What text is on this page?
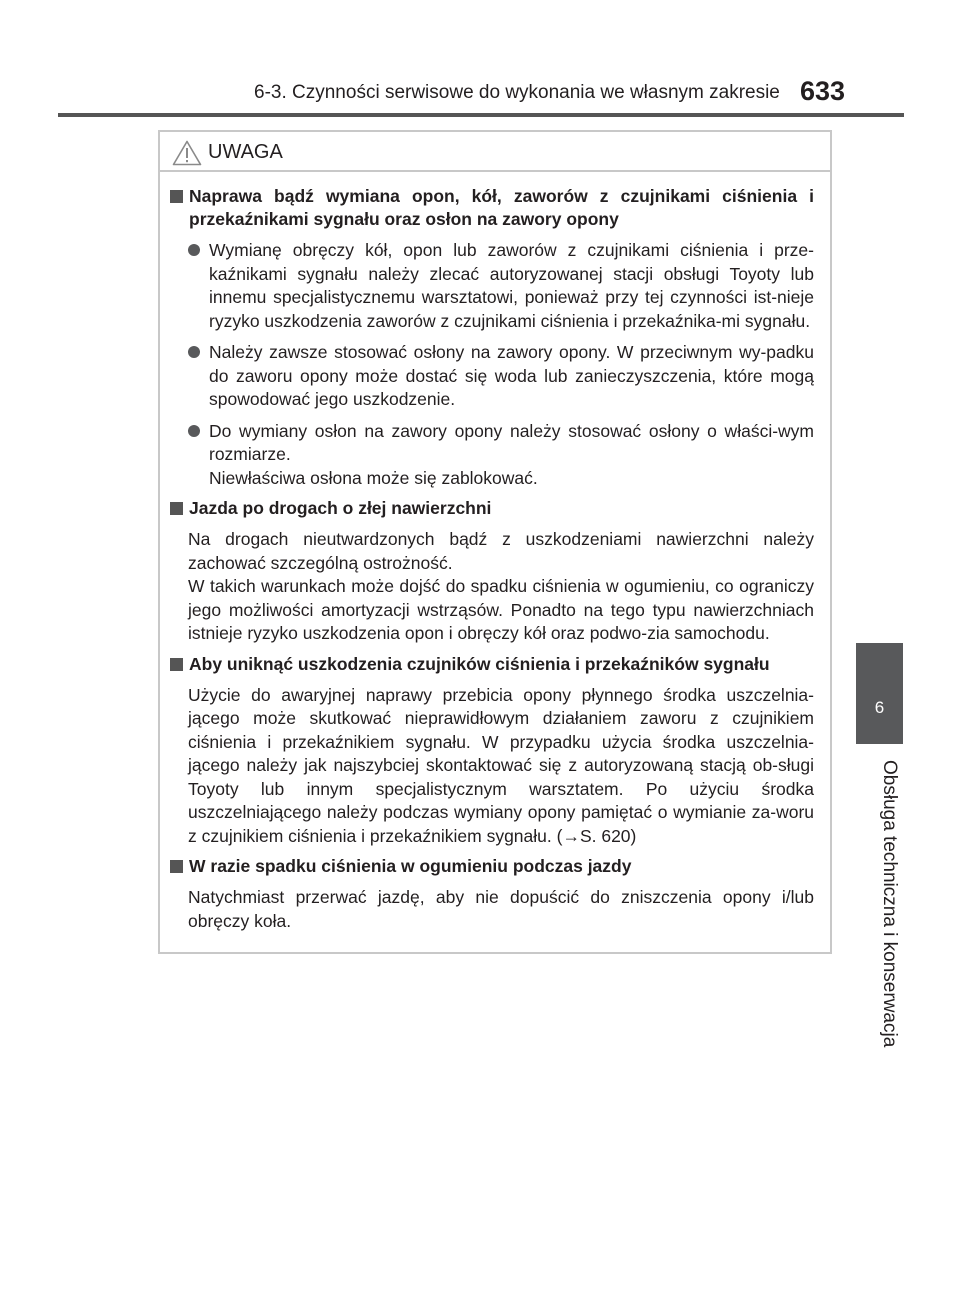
6-3. Czynności serwisowe do wykonania we własnym zakresie 633
6
Obsługa techniczna i konserwacja
UWAGA
Naprawa bądź wymiana opon, kół, zaworów z czujnikami ciśnienia i przekaźnikami sygnału oraz osłon na zawory opony
Wymianę obręczy kół, opon lub zaworów z czujnikami ciśnienia i prze-kaźnikami sygnału należy zlecać autoryzowanej stacji obsługi Toyoty lub innemu specjalistycznemu warsztatowi, ponieważ przy tej czynności ist-nieje ryzyko uszkodzenia zaworów z czujnikami ciśnienia i przekaźnika-mi sygnału.
Należy zawsze stosować osłony na zawory opony. W przeciwnym wy-padku do zaworu opony może dostać się woda lub zanieczyszczenia, które mogą spowodować jego uszkodzenie.
Do wymiany osłon na zawory opony należy stosować osłony o właści-wym rozmiarze.
Niewłaściwa osłona może się zablokować.
Jazda po drogach o złej nawierzchni
Na drogach nieutwardzonych bądź z uszkodzeniami nawierzchni należy zachować szczególną ostrożność.
W takich warunkach może dojść do spadku ciśnienia w ogumieniu, co ograniczy jego możliwości amortyzacji wstrząsów. Ponadto na tego typu nawierzchniach istnieje ryzyko uszkodzenia opon i obręczy kół oraz podwo-zia samochodu.
Aby uniknąć uszkodzenia czujników ciśnienia i przekaźników sygnału
Użycie do awaryjnej naprawy przebicia opony płynnego środka uszczelnia-jącego może skutkować nieprawidłowym działaniem zaworu z czujnikiem ciśnienia i przekaźnikiem sygnału. W przypadku użycia środka uszczelnia-jącego należy jak najszybciej skontaktować się z autoryzowaną stacją ob-sługi Toyoty lub innym specjalistycznym warsztatem. Po użyciu środka uszczelniającego należy podczas wymiany opony pamiętać o wymianie za-woru z czujnikiem ciśnienia i przekaźnikiem sygnału. (→S. 620)
W razie spadku ciśnienia w ogumieniu podczas jazdy
Natychmiast przerwać jazdę, aby nie dopuścić do zniszczenia opony i/lub obręczy koła.
